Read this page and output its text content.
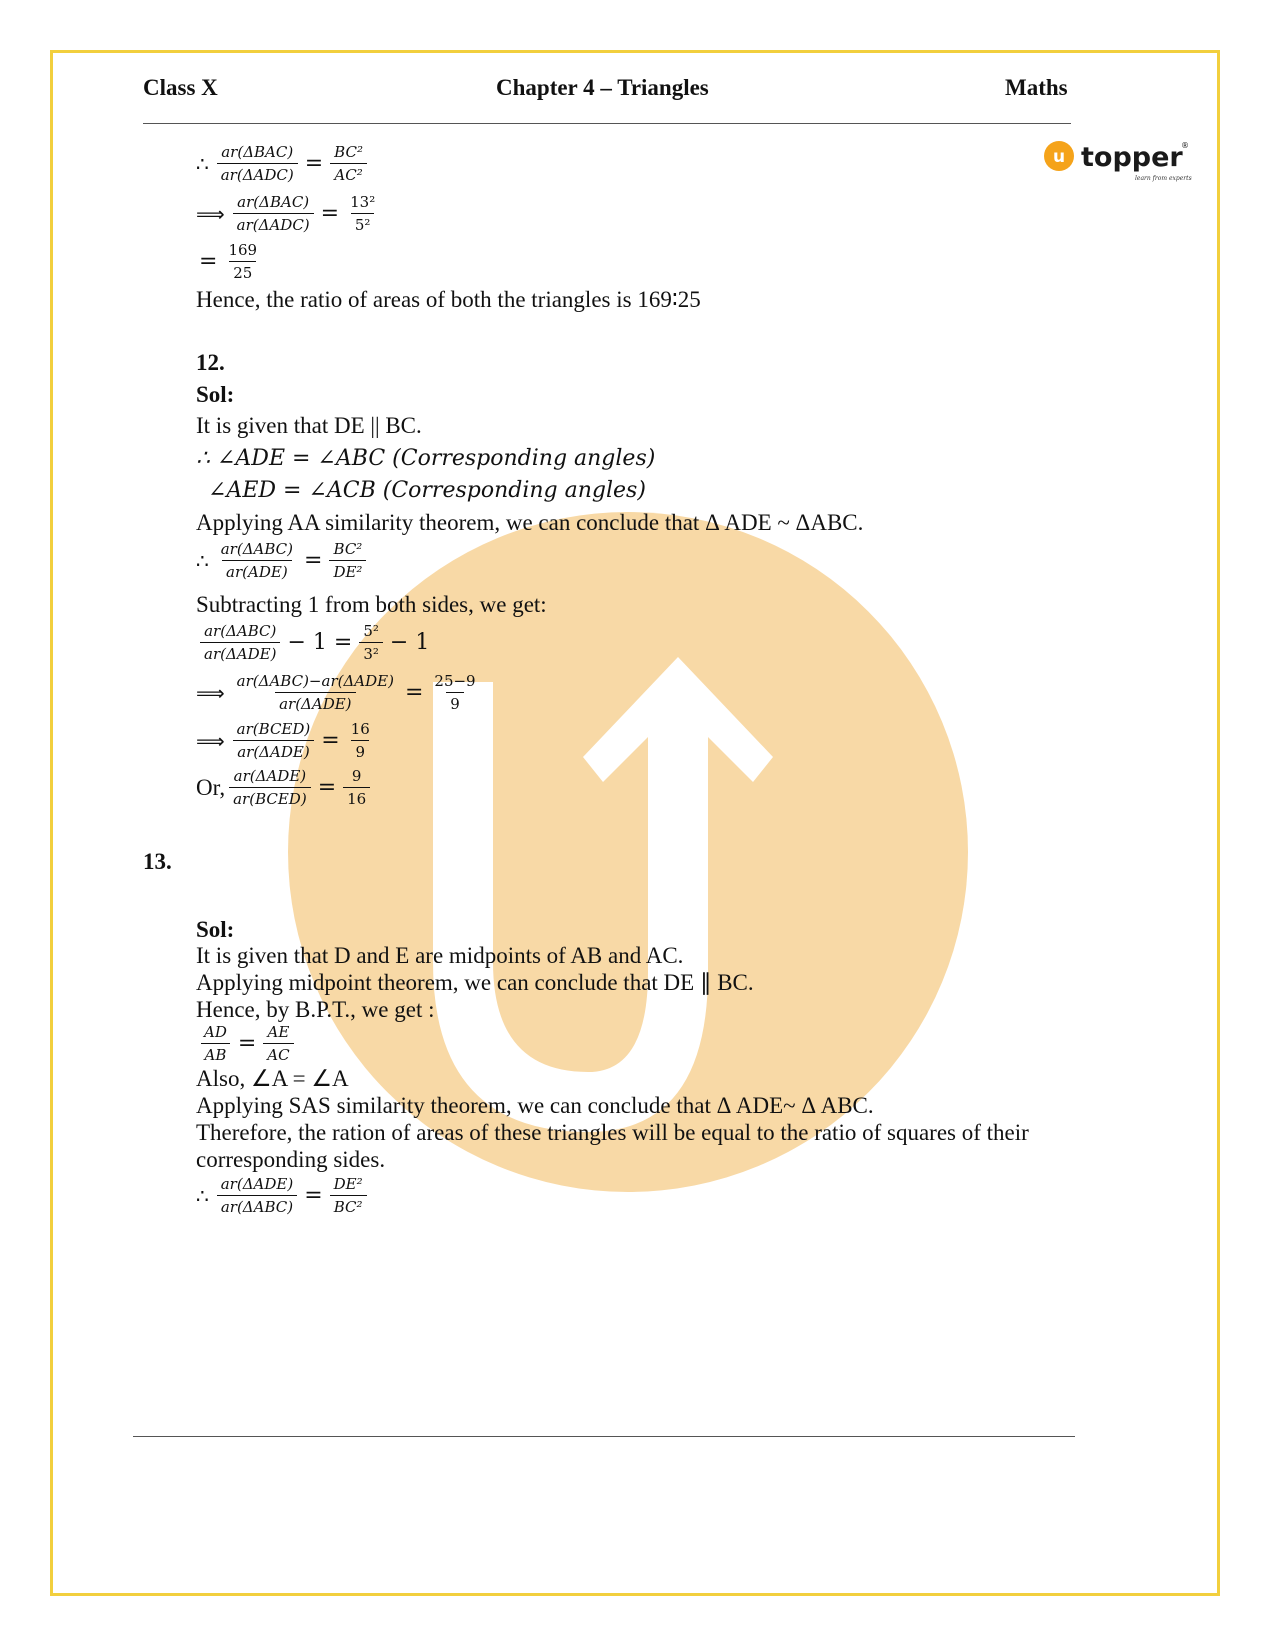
Class X	Chapter 4 – Triangles	Maths
u topper
®
learn from experts
∴ $\frac{\text{ar(ΔBAC)}}{\text{ar(ΔADC)}} = \frac{\text{BC²}}{\text{AC²}}$
⟹ $\frac{\text{ar(ΔBAC)}}{\text{ar(ΔADC)}} = \frac{\text{13²}}{\text{5²}}$
= $\frac{169}{25}$
Hence, the ratio of areas of both the triangles is 169∶25
12.
Sol:
It is given that DE || BC.
∴ ∠ADE = ∠ABC (Corresponding angles)
∠AED = ∠ACB (Corresponding angles)
Applying AA similarity theorem, we can conclude that Δ ADE ~ ΔABC.
∴ $\frac{\text{ar(ΔABC)}}{\text{ar(ADE)}} = \frac{\text{BC²}}{\text{DE²}}$
Subtracting 1 from both sides, we get:
$\frac{\text{ar(ΔABC)}}{\text{ar(ΔADE)}} - 1 = \frac{\text{5²}}{\text{3²}} - 1$
⟹ $\frac{\text{ar(ΔABC)−ar(ΔADE)}}{\text{ar(ΔADE)}} = \frac{25-9}{9}$
⟹ $\frac{\text{ar(BCED)}}{\text{ar(ΔADE)}} = \frac{16}{9}$
Or, $\frac{\text{ar(ΔADE)}}{\text{ar(BCED)}} = \frac{9}{16}$
13.
Sol:
It is given that D and E are midpoints of AB and AC.
Applying midpoint theorem, we can conclude that DE ∥ BC.
Hence, by B.P.T., we get :
$\frac{AD}{AB} = \frac{AE}{AC}$
Also, ∠A = ∠A
Applying SAS similarity theorem, we can conclude that Δ ADE~ Δ ABC.
Therefore, the ration of areas of these triangles will be equal to the ratio of squares of their
corresponding sides.
∴ $\frac{\text{ar(ΔADE)}}{\text{ar(ΔABC)}} = \frac{\text{DE²}}{\text{BC²}}$
